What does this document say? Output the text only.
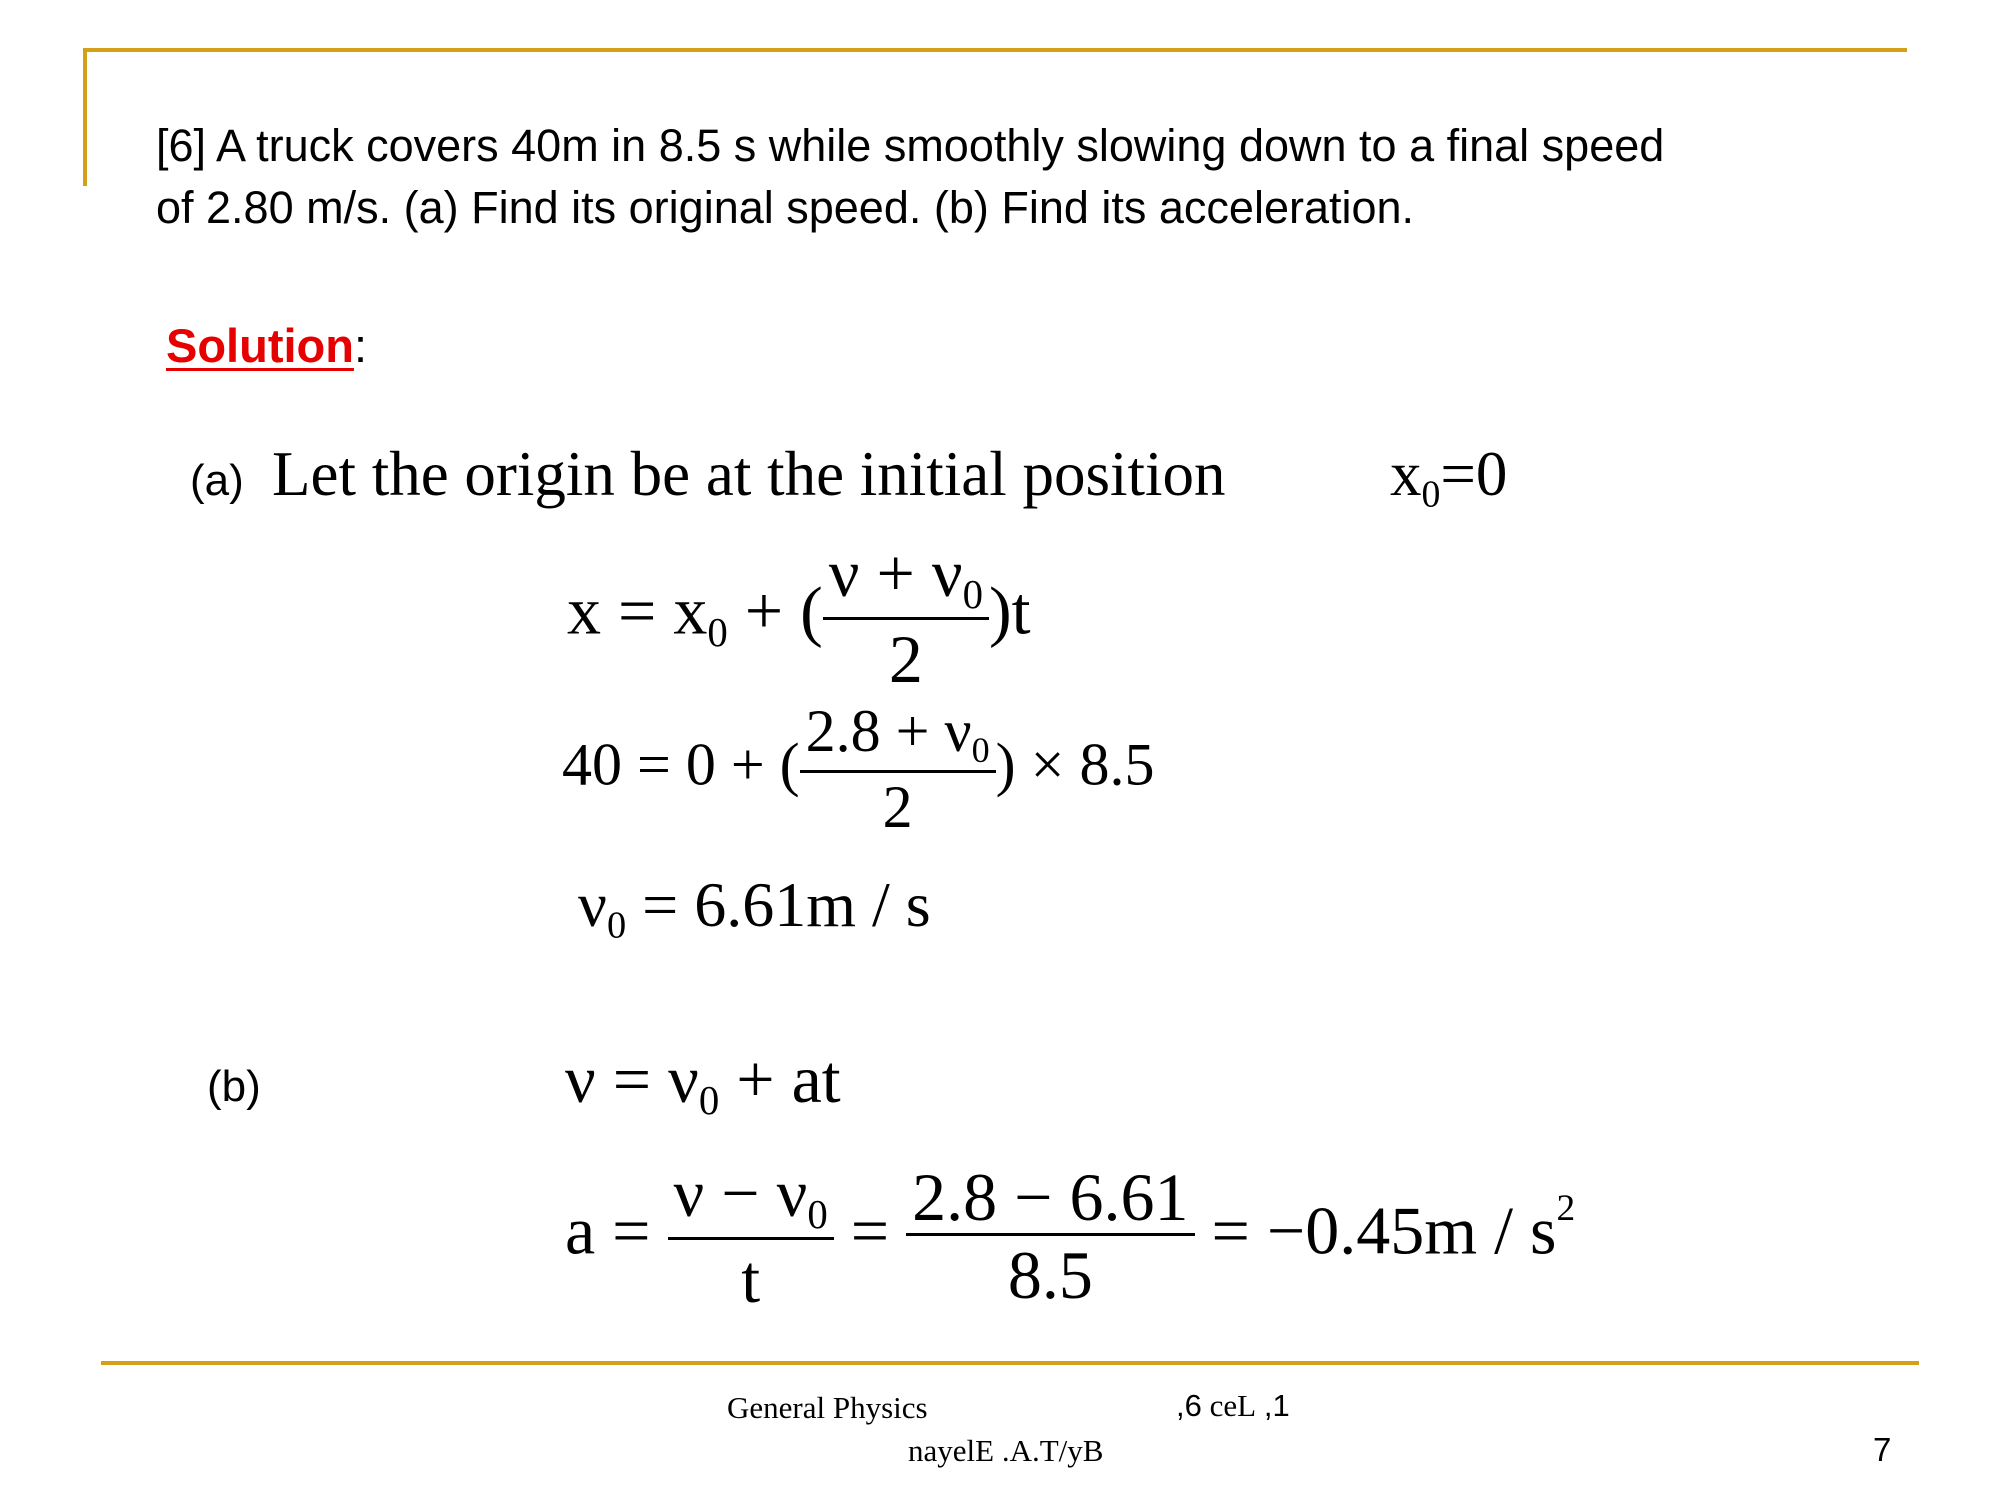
[6] A truck covers 40m in 8.5 s while smoothly slowing down to a final speed
of 2.80 m/s. (a) Find its original speed. (b) Find its acceleration.
Solution:
(a) Let the origin be at the initial position	$x_0=0$
$x = x_0$ + ( $\frac{\nu + \nu_0}{2} )t$
40 = 0 + ( $\frac{2.8 + \nu_0}{2}$ ) × 8.5
$\nu_0 = 6.61m / s$
(b)	$\nu = \nu_0$ + at
$a = \frac{\nu - \nu_0}{t} = \frac{2.8 - 6.61}{8.5} = -0.45m / s^2$
General Physics	,6 ceL ,1
nayelE .A.T/yB	7
